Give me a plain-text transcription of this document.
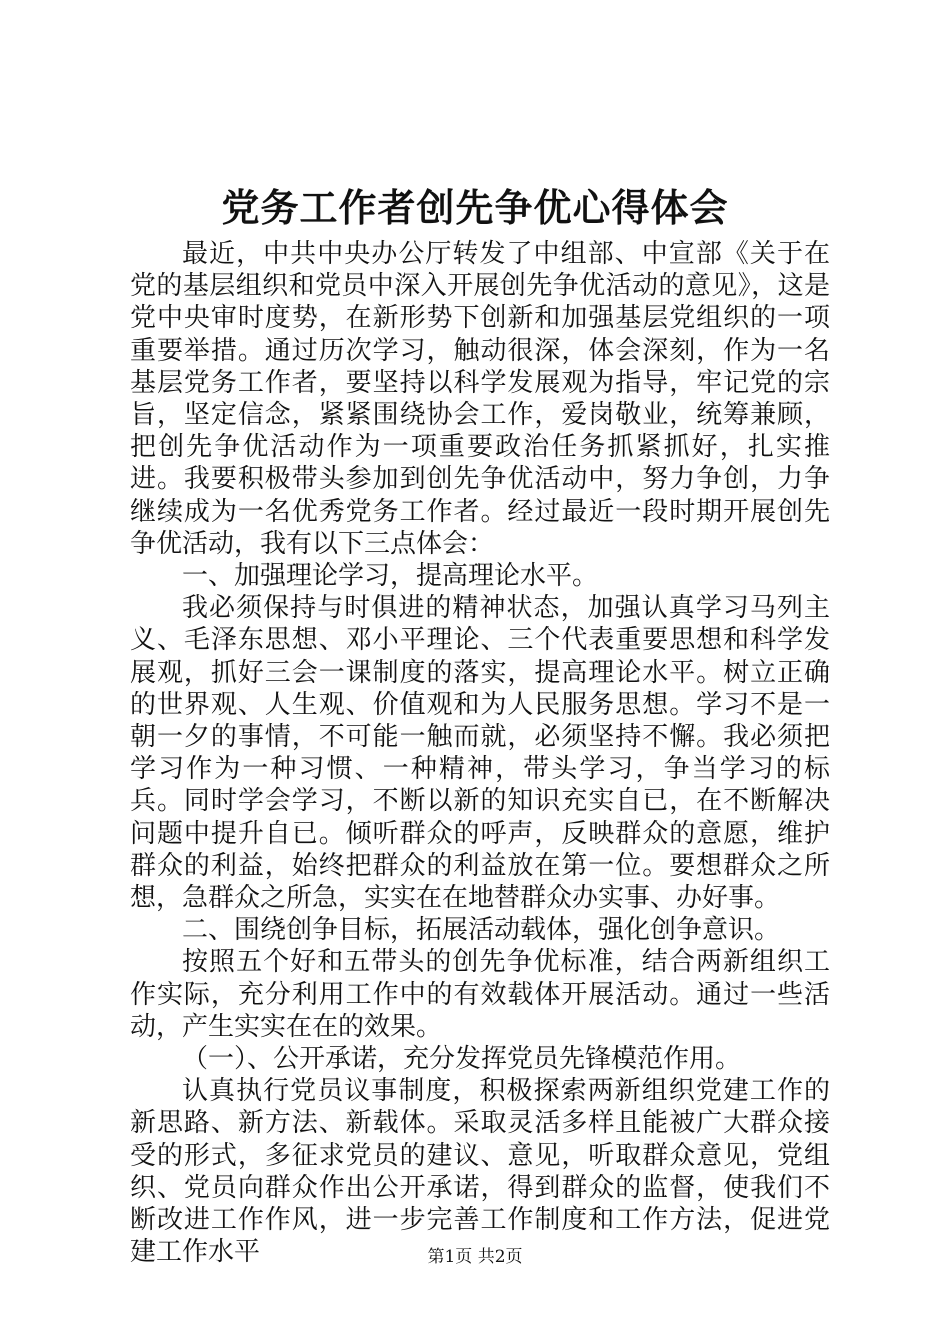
党务工作者创先争优心得体会

最近，中共中央办公厅转发了中组部、中宣部《关于在党的基层组织和党员中深入开展创先争优活动的意见》，这是党中央审时度势，在新形势下创新和加强基层党组织的一项重要举措。通过历次学习，触动很深，体会深刻，作为一名基层党务工作者，要坚持以科学发展观为指导，牢记党的宗旨，坚定信念，紧紧围绕协会工作，爱岗敬业，统筹兼顾，把创先争优活动作为一项重要政治任务抓紧抓好，扎实推进。我要积极带头参加到创先争优活动中，努力争创，力争继续成为一名优秀党务工作者。经过最近一段时期开展创先争优活动，我有以下三点体会：

一、加强理论学习，提高理论水平。

我必须保持与时俱进的精神状态，加强认真学习马列主义、毛泽东思想、邓小平理论、三个代表重要思想和科学发展观，抓好三会一课制度的落实，提高理论水平。树立正确的世界观、人生观、价值观和为人民服务思想。学习不是一朝一夕的事情，不可能一触而就，必须坚持不懈。我必须把学习作为一种习惯、一种精神，带头学习，争当学习的标兵。同时学会学习，不断以新的知识充实自已，在不断解决问题中提升自已。倾听群众的呼声，反映群众的意愿，维护群众的利益，始终把群众的利益放在第一位。要想群众之所想，急群众之所急，实实在在地替群众办实事、办好事。

二、围绕创争目标，拓展活动载体，强化创争意识。

按照五个好和五带头的创先争优标准，结合两新组织工作实际，充分利用工作中的有效载体开展活动。通过一些活动，产生实实在在的效果。

（一）、公开承诺，充分发挥党员先锋模范作用。

认真执行党员议事制度，积极探索两新组织党建工作的新思路、新方法、新载体。采取灵活多样且能被广大群众接受的形式，多征求党员的建议、意见，听取群众意见，党组织、党员向群众作出公开承诺，得到群众的监督，使我们不断改进工作作风，进一步完善工作制度和工作方法，促进党建工作水平	第1页 共2页
